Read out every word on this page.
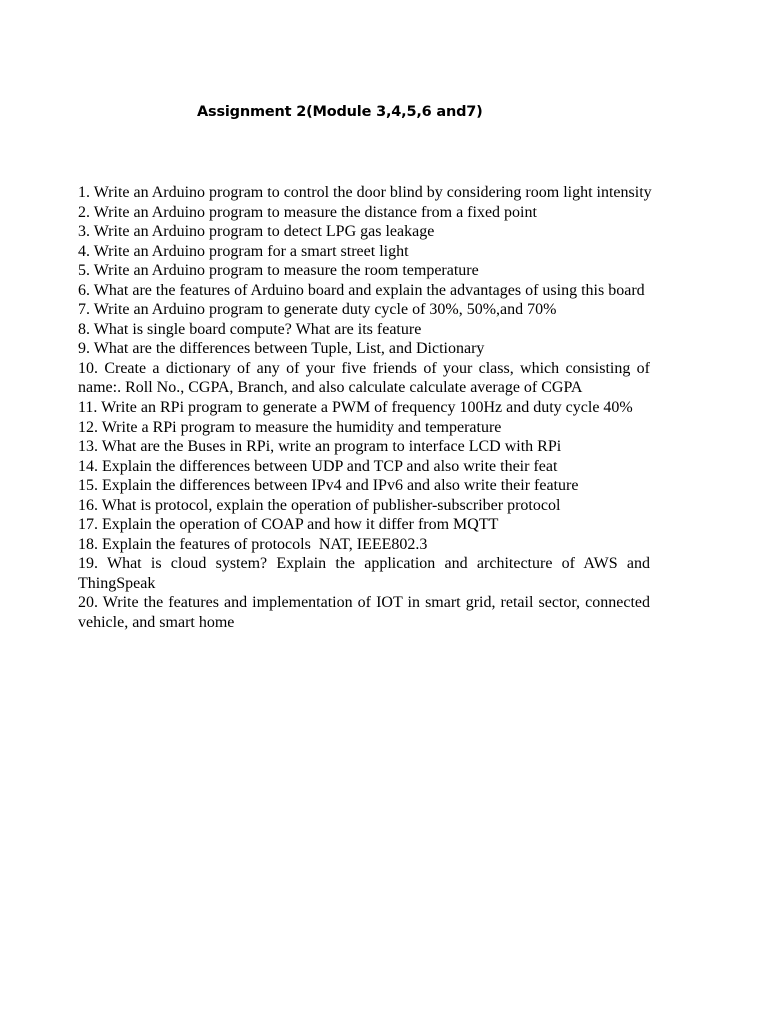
Assignment 2(Module 3,4,5,6 and7)
1. Write an Arduino program to control the door blind by considering room light intensity
2. Write an Arduino program to measure the distance from a fixed point
3. Write an Arduino program to detect LPG gas leakage
4. Write an Arduino program for a smart street light
5. Write an Arduino program to measure the room temperature
6. What are the features of Arduino board and explain the advantages of using this board
7. Write an Arduino program to generate duty cycle of 30%, 50%,and 70%
8. What is single board compute? What are its feature
9. What are the differences between Tuple, List, and Dictionary
10. Create a dictionary of any of your five friends of your class, which consisting of name:. Roll No., CGPA, Branch, and also calculate calculate average of CGPA
11. Write an RPi program to generate a PWM of frequency 100Hz and duty cycle 40%
12. Write a RPi program to measure the humidity and temperature
13. What are the Buses in RPi, write an program to interface LCD with RPi
14. Explain the differences between UDP and TCP and also write their feat
15. Explain the differences between IPv4 and IPv6 and also write their feature
16. What is protocol, explain the operation of publisher-subscriber protocol
17. Explain the operation of COAP and how it differ from MQTT
18. Explain the features of protocols  NAT, IEEE802.3
19. What is cloud system? Explain the application and architecture of AWS and ThingSpeak
20. Write the features and implementation of IOT in smart grid, retail sector, connected vehicle, and smart home
